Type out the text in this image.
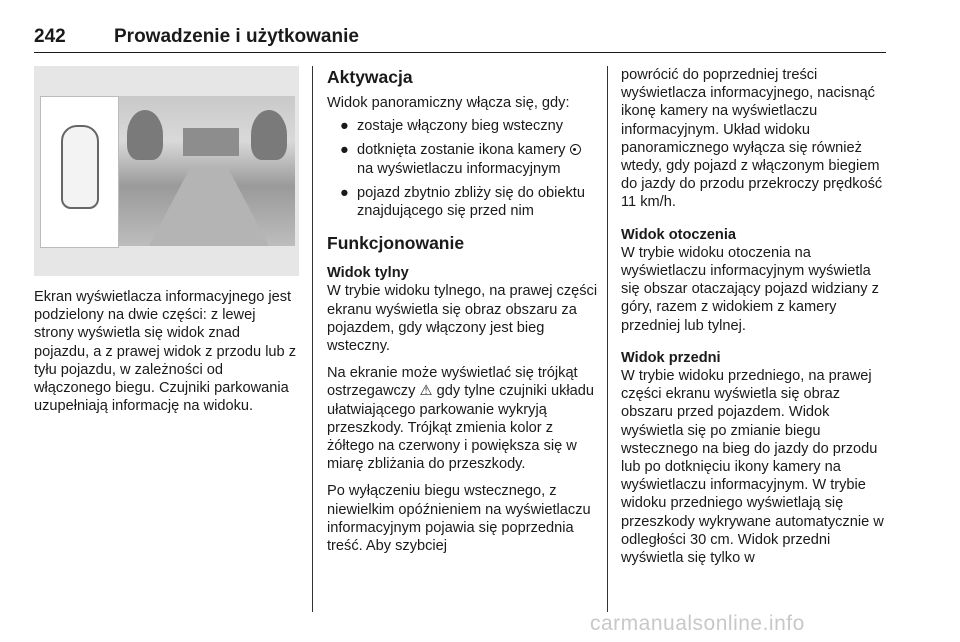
242	Prowadzenie i użytkowanie

Ekran wyświetlacza informacyjnego jest podzielony na dwie części: z lewej strony wyświetla się widok znad pojazdu, a z prawej widok z przodu lub z tyłu pojazdu, w zależności od włączonego biegu. Czujniki parkowania uzupełniają informację na widoku.

Aktywacja

Widok panoramiczny włącza się, gdy:

● zostaje włączony bieg wsteczny
● dotknięta zostanie ikona kamery  na wyświetlaczu informacyjnym
● pojazd zbytnio zbliży się do obiektu znajdującego się przed nim
Funkcjonowanie
Widok tylny

W trybie widoku tylnego, na prawej części ekranu wyświetla się obraz obszaru za pojazdem, gdy włączony jest bieg wsteczny.

Na ekranie może wyświetlać się trójkąt ostrzegawczy ⚠ gdy tylne czujniki układu ułatwiającego parkowanie wykryją przeszkody. Trójkąt zmienia kolor z żółtego na czerwony i powiększa się w miarę zbliżania do przeszkody.

Po wyłączeniu biegu wstecznego, z niewielkim opóźnieniem na wyświetlaczu informacyjnym pojawia się poprzednia treść. Aby szybciej

powrócić do poprzedniej treści wyświetlacza informacyjnego, nacisnąć ikonę kamery na wyświetlaczu informacyjnym. Układ widoku panoramicznego wyłącza się również wtedy, gdy pojazd z włączonym biegiem do jazdy do przodu przekroczy prędkość 11 km/h.

Widok otoczenia

W trybie widoku otoczenia na wyświetlaczu informacyjnym wyświetla się obszar otaczający pojazd widziany z góry, razem z widokiem z kamery przedniej lub tylnej.

Widok przedni

W trybie widoku przedniego, na prawej części ekranu wyświetla się obraz obszaru przed pojazdem. Widok wyświetla się po zmianie biegu wstecznego na bieg do jazdy do przodu lub po dotknięciu ikony kamery na wyświetlaczu informacyjnym. W trybie widoku przedniego wyświetlają się przeszkody wykrywane automatycznie w odległości 30 cm. Widok przedni wyświetla się tylko w

carmanualsonline.info
